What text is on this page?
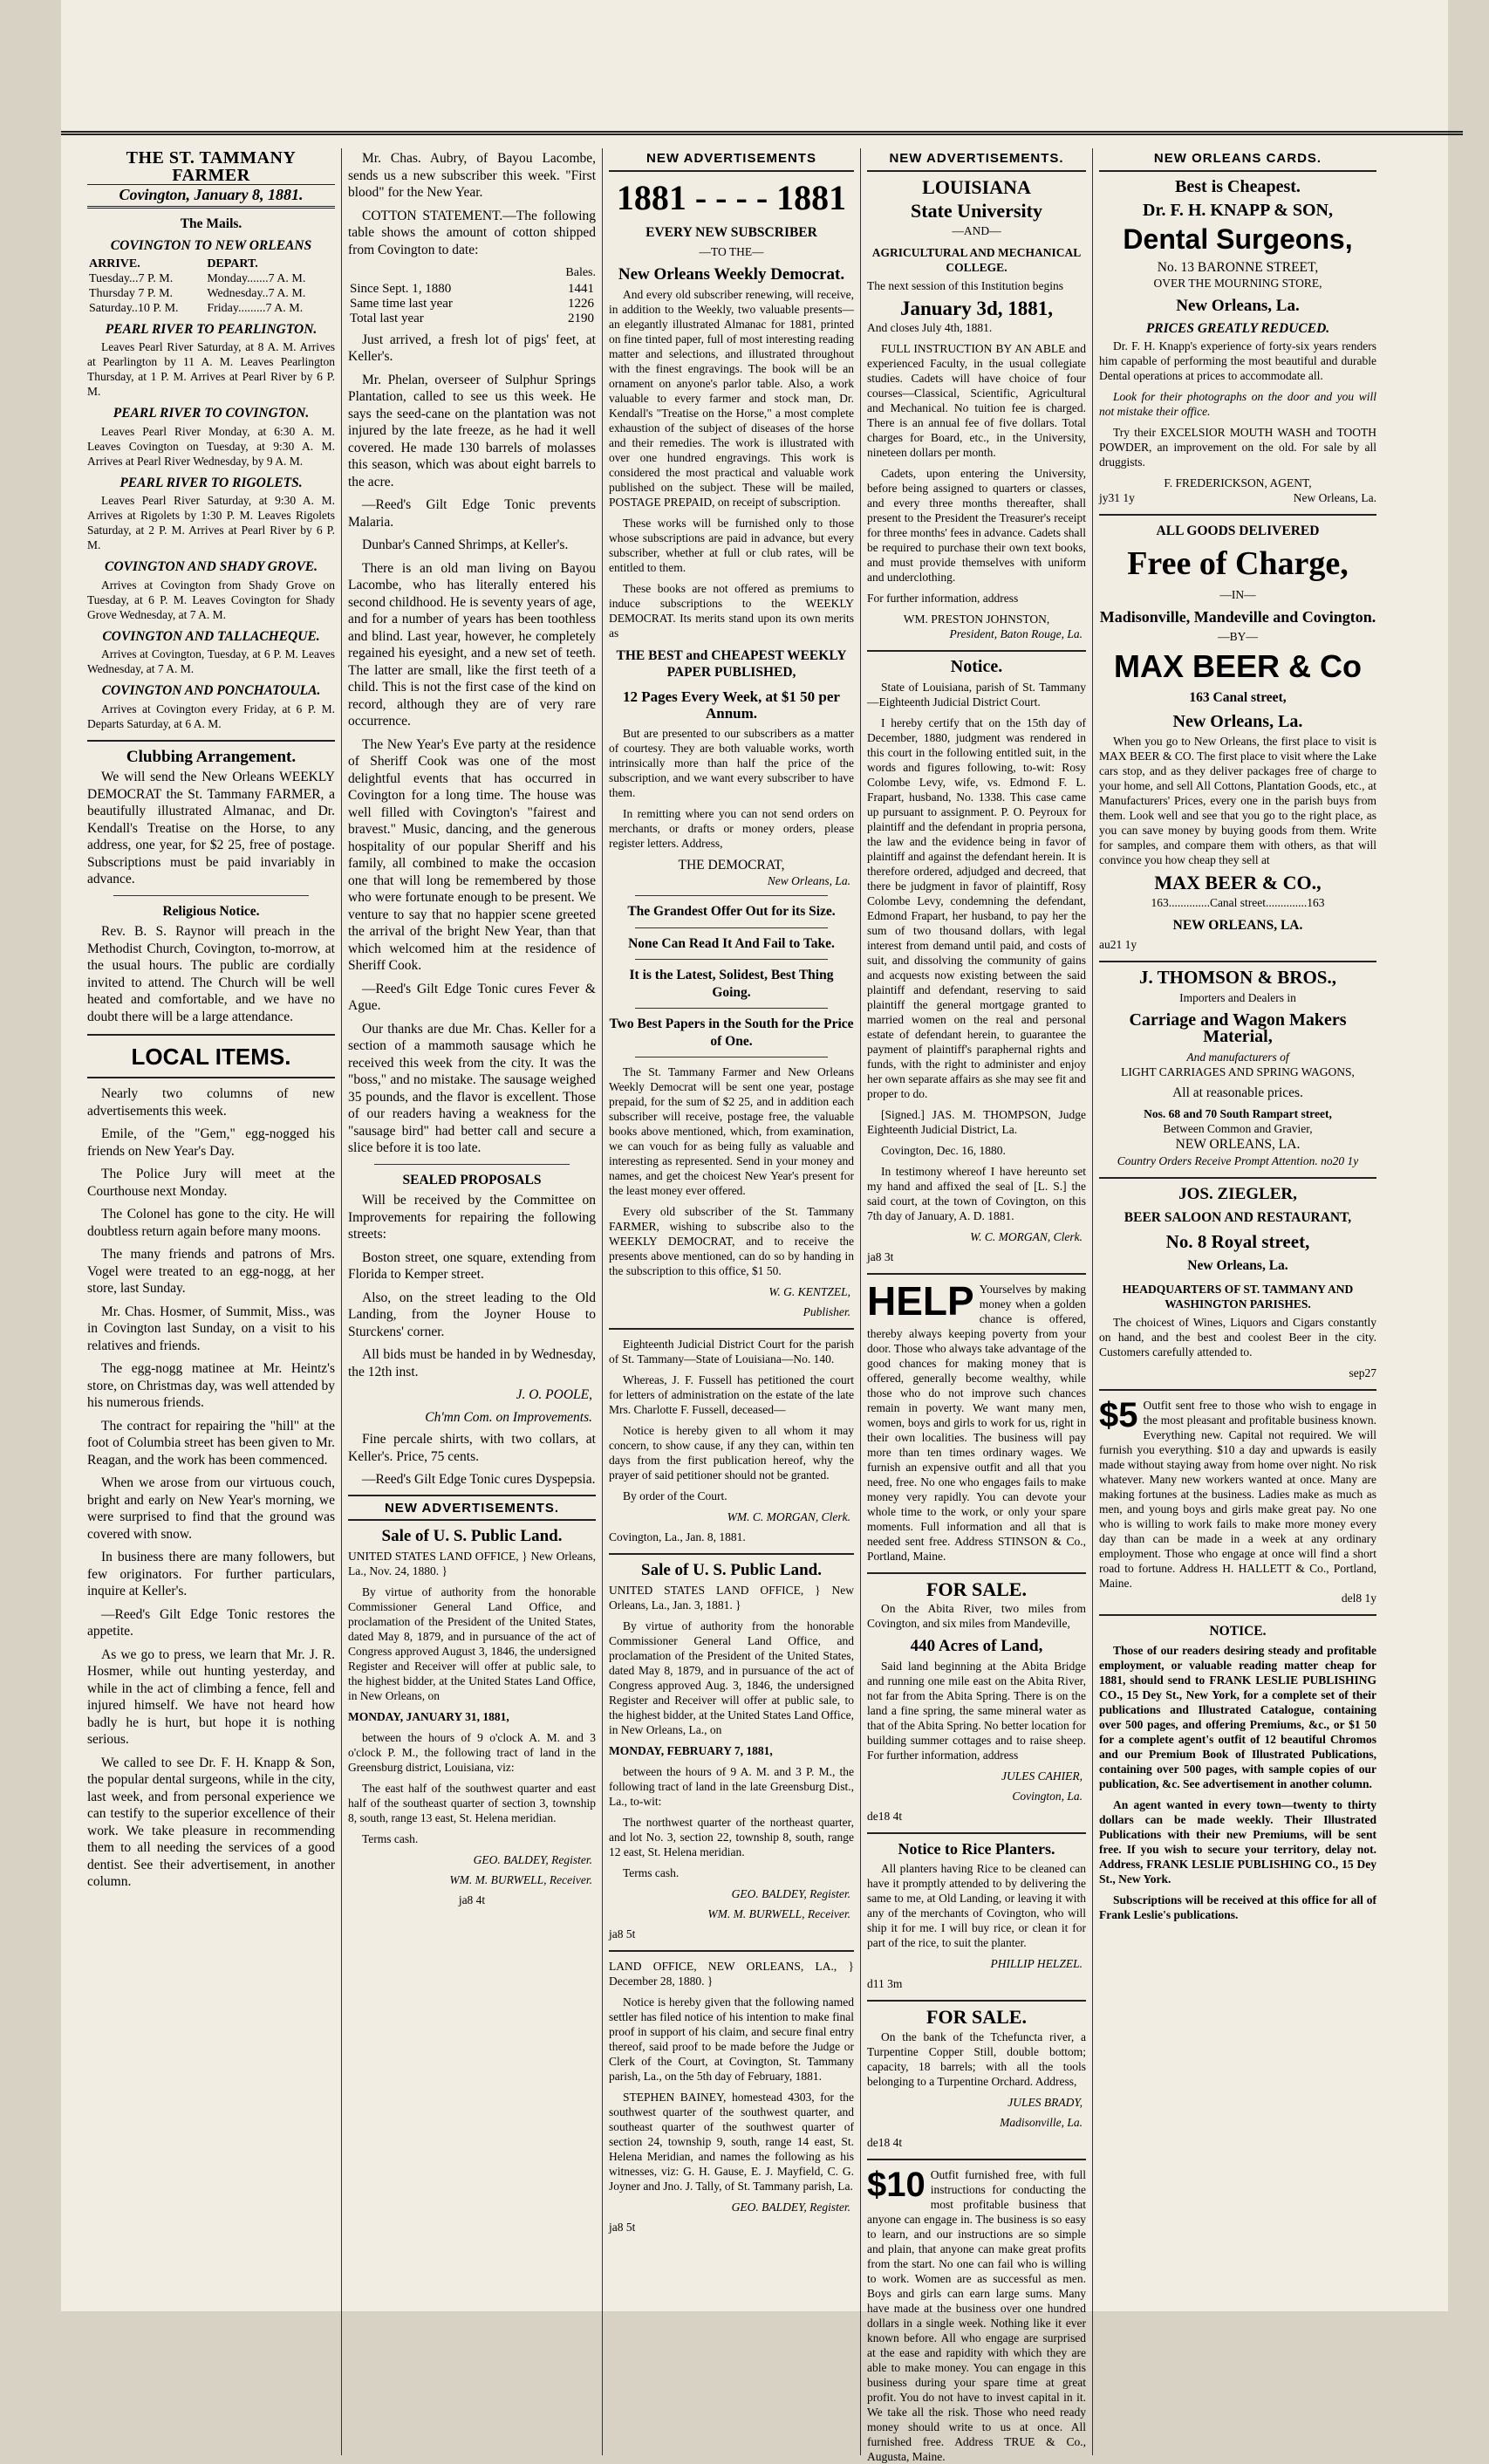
THE ST. TAMMANY FARMER
Covington, January 8, 1881.
The Mails.
COVINGTON TO NEW ORLEANS
ARRIVE.	DEPART.
Tuesday...7 P. M.	Monday.......7 A. M.
Thursday 7 P. M.	Wednesday..7 A. M.
Saturday..10 P. M.	Friday.........7 A. M.
PEARL RIVER TO PEARLINGTON.

Leaves Pearl River Saturday, at 8 A. M. Arrives at Pearlington by 11 A. M. Leaves Pearlington Thursday, at 1 P. M. Arrives at Pearl River by 6 P. M.

PEARL RIVER TO COVINGTON.

Leaves Pearl River Monday, at 6:30 A. M. Leaves Covington on Tuesday, at 9:30 A. M. Arrives at Pearl River Wednesday, by 9 A. M.

PEARL RIVER TO RIGOLETS.

Leaves Pearl River Saturday, at 9:30 A. M. Arrives at Rigolets by 1:30 P. M. Leaves Rigolets Saturday, at 2 P. M. Arrives at Pearl River by 6 P. M.

COVINGTON AND SHADY GROVE.

Arrives at Covington from Shady Grove on Tuesday, at 6 P. M. Leaves Covington for Shady Grove Wednesday, at 7 A. M.

COVINGTON AND TALLACHEQUE.

Arrives at Covington, Tuesday, at 6 P. M. Leaves Wednesday, at 7 A. M.

COVINGTON AND PONCHATOULA.

Arrives at Covington every Friday, at 6 P. M. Departs Saturday, at 6 A. M.

Clubbing Arrangement.

We will send the New Orleans WEEKLY DEMOCRAT the St. Tammany FARMER, a beautifully illustrated Almanac, and Dr. Kendall's Treatise on the Horse, to any address, one year, for $2 25, free of postage. Subscriptions must be paid invariably in advance.

Religious Notice.

Rev. B. S. Raynor will preach in the Methodist Church, Covington, to-morrow, at the usual hours. The public are cordially invited to attend. The Church will be well heated and comfortable, and we have no doubt there will be a large attendance.

LOCAL ITEMS.

Nearly two columns of new advertisements this week.

Emile, of the "Gem," egg-nogged his friends on New Year's Day.

The Police Jury will meet at the Courthouse next Monday.

The Colonel has gone to the city. He will doubtless return again before many moons.

The many friends and patrons of Mrs. Vogel were treated to an egg-nogg, at her store, last Sunday.

Mr. Chas. Hosmer, of Summit, Miss., was in Covington last Sunday, on a visit to his relatives and friends.

The egg-nogg matinee at Mr. Heintz's store, on Christmas day, was well attended by his numerous friends.

The contract for repairing the "hill" at the foot of Columbia street has been given to Mr. Reagan, and the work has been commenced.

When we arose from our virtuous couch, bright and early on New Year's morning, we were surprised to find that the ground was covered with snow.

In business there are many followers, but few originators. For further particulars, inquire at Keller's.

—Reed's Gilt Edge Tonic restores the appetite.

As we go to press, we learn that Mr. J. R. Hosmer, while out hunting yesterday, and while in the act of climbing a fence, fell and injured himself. We have not heard how badly he is hurt, but hope it is nothing serious.

We called to see Dr. F. H. Knapp & Son, the popular dental surgeons, while in the city, last week, and from personal experience we can testify to the superior excellence of their work. We take pleasure in recommending them to all needing the services of a good dentist. See their advertisement, in another column.

Mr. Chas. Aubry, of Bayou Lacombe, sends us a new subscriber this week. "First blood" for the New Year.

COTTON STATEMENT.—The following table shows the amount of cotton shipped from Covington to date:

Bales.
Since Sept. 1, 1880	1441
Same time last year	1226
Total last year	2190

Just arrived, a fresh lot of pigs' feet, at Keller's.

Mr. Phelan, overseer of Sulphur Springs Plantation, called to see us this week. He says the seed-cane on the plantation was not injured by the late freeze, as he had it well covered. He made 130 barrels of molasses this season, which was about eight barrels to the acre.

—Reed's Gilt Edge Tonic prevents Malaria.

Dunbar's Canned Shrimps, at Keller's.

There is an old man living on Bayou Lacombe, who has literally entered his second childhood. He is seventy years of age, and for a number of years has been toothless and blind. Last year, however, he completely regained his eyesight, and a new set of teeth. The latter are small, like the first teeth of a child. This is not the first case of the kind on record, although they are of very rare occurrence.

The New Year's Eve party at the residence of Sheriff Cook was one of the most delightful events that has occurred in Covington for a long time. The house was well filled with Covington's "fairest and bravest." Music, dancing, and the generous hospitality of our popular Sheriff and his family, all combined to make the occasion one that will long be remembered by those who were fortunate enough to be present. We venture to say that no happier scene greeted the arrival of the bright New Year, than that which welcomed him at the residence of Sheriff Cook.

—Reed's Gilt Edge Tonic cures Fever & Ague.

Our thanks are due Mr. Chas. Keller for a section of a mammoth sausage which he received this week from the city. It was the "boss," and no mistake. The sausage weighed 35 pounds, and the flavor is excellent. Those of our readers having a weakness for the "sausage bird" had better call and secure a slice before it is too late.

SEALED PROPOSALS

Will be received by the Committee on Improvements for repairing the following streets:

Boston street, one square, extending from Florida to Kemper street.

Also, on the street leading to the Old Landing, from the Joyner House to Sturckens' corner.

All bids must be handed in by Wednesday, the 12th inst.

J. O. POOLE,
Ch'mn Com. on Improvements.

Fine percale shirts, with two collars, at Keller's. Price, 75 cents.

—Reed's Gilt Edge Tonic cures Dyspepsia.

NEW ADVERTISEMENTS.
Sale of U. S. Public Land.

UNITED STATES LAND OFFICE, } New Orleans, La., Nov. 24, 1880. }

By virtue of authority from the honorable Commissioner General Land Office, and proclamation of the President of the United States, dated May 8, 1879, and in pursuance of the act of Congress approved August 3, 1846, the undersigned Register and Receiver will offer at public sale, to the highest bidder, at the United States Land Office, in New Orleans, on

MONDAY, JANUARY 31, 1881,

between the hours of 9 o'clock A. M. and 3 o'clock P. M., the following tract of land in the Greensburg district, Louisiana, viz:

The east half of the southwest quarter and east half of the southeast quarter of section 3, township 8, south, range 13 east, St. Helena meridian.

Terms cash.

GEO. BALDEY, Register.
WM. M. BURWELL, Receiver.
ja8 4t
NEW ADVERTISEMENTS
1881 - - - - 1881
EVERY NEW SUBSCRIBER
—TO THE—
New Orleans Weekly Democrat.

And every old subscriber renewing, will receive, in addition to the Weekly, two valuable presents—an elegantly illustrated Almanac for 1881, printed on fine tinted paper, full of most interesting reading matter and selections, and illustrated throughout with the finest engravings. The book will be an ornament on anyone's parlor table. Also, a work valuable to every farmer and stock man, Dr. Kendall's "Treatise on the Horse," a most complete exhaustion of the subject of diseases of the horse and their remedies. The work is illustrated with over one hundred engravings. This work is considered the most practical and valuable work published on the subject. These will be mailed, POSTAGE PREPAID, on receipt of subscription.

These works will be furnished only to those whose subscriptions are paid in advance, but every subscriber, whether at full or club rates, will be entitled to them.

These books are not offered as premiums to induce subscriptions to the WEEKLY DEMOCRAT. Its merits stand upon its own merits as

THE BEST and CHEAPEST WEEKLY PAPER PUBLISHED,
12 Pages Every Week, at $1 50 per Annum.

But are presented to our subscribers as a matter of courtesy. They are both valuable works, worth intrinsically more than half the price of the subscription, and we want every subscriber to have them.

In remitting where you can not send orders on merchants, or drafts or money orders, please register letters. Address,

THE DEMOCRAT,
New Orleans, La.
The Grandest Offer Out for its Size.
None Can Read It And Fail to Take.
It is the Latest, Solidest, Best Thing Going.
Two Best Papers in the South for the Price of One.

The St. Tammany Farmer and New Orleans Weekly Democrat will be sent one year, postage prepaid, for the sum of $2 25, and in addition each subscriber will receive, postage free, the valuable books above mentioned, which, from examination, we can vouch for as being fully as valuable and interesting as represented. Send in your money and names, and get the choicest New Year's present for the least money ever offered.

Every old subscriber of the St. Tammany FARMER, wishing to subscribe also to the WEEKLY DEMOCRAT, and to receive the presents above mentioned, can do so by handing in the subscription to this office, $1 50.

W. G. KENTZEL,
Publisher.

Eighteenth Judicial District Court for the parish of St. Tammany—State of Louisiana—No. 140.

Whereas, J. F. Fussell has petitioned the court for letters of administration on the estate of the late Mrs. Charlotte F. Fussell, deceased—

Notice is hereby given to all whom it may concern, to show cause, if any they can, within ten days from the first publication hereof, why the prayer of said petitioner should not be granted.

By order of the Court.

WM. C. MORGAN, Clerk.
Covington, La., Jan. 8, 1881.
Sale of U. S. Public Land.

UNITED STATES LAND OFFICE, } New Orleans, La., Jan. 3, 1881. }

By virtue of authority from the honorable Commissioner General Land Office, and proclamation of the President of the United States, dated May 8, 1879, and in pursuance of the act of Congress approved Aug. 3, 1846, the undersigned Register and Receiver will offer at public sale, to the highest bidder, at the United States Land Office, in New Orleans, La., on

MONDAY, FEBRUARY 7, 1881,

between the hours of 9 A. M. and 3 P. M., the following tract of land in the late Greensburg Dist., La., to-wit:

The northwest quarter of the northeast quarter, and lot No. 3, section 22, township 8, south, range 12 east, St. Helena meridian.

Terms cash.

GEO. BALDEY, Register.
WM. M. BURWELL, Receiver.
ja8 5t

LAND OFFICE, NEW ORLEANS, LA., } December 28, 1880. }

Notice is hereby given that the following named settler has filed notice of his intention to make final proof in support of his claim, and secure final entry thereof, said proof to be made before the Judge or Clerk of the Court, at Covington, St. Tammany parish, La., on the 5th day of February, 1881.

STEPHEN BAINEY, homestead 4303, for the southwest quarter of the southwest quarter, and southeast quarter of the southwest quarter of section 24, township 9, south, range 14 east, St. Helena Meridian, and names the following as his witnesses, viz: G. H. Gause, E. J. Mayfield, C. G. Joyner and Jno. J. Tally, of St. Tammany parish, La.

GEO. BALDEY, Register.
ja8 5t
NEW ADVERTISEMENTS.
LOUISIANA
State University
—AND—
AGRICULTURAL AND MECHANICAL COLLEGE.

The next session of this Institution begins

January 3d, 1881,

And closes July 4th, 1881.

FULL INSTRUCTION BY AN ABLE and experienced Faculty, in the usual collegiate studies. Cadets will have choice of four courses—Classical, Scientific, Agricultural and Mechanical. No tuition fee is charged. There is an annual fee of five dollars. Total charges for Board, etc., in the University, nineteen dollars per month.

Cadets, upon entering the University, before being assigned to quarters or classes, and every three months thereafter, shall present to the President the Treasurer's receipt for three months' fees in advance. Cadets shall be required to purchase their own text books, and must provide themselves with uniform and underclothing.

For further information, address

WM. PRESTON JOHNSTON,
President, Baton Rouge, La.
Notice.

State of Louisiana, parish of St. Tammany—Eighteenth Judicial District Court.

I hereby certify that on the 15th day of December, 1880, judgment was rendered in this court in the following entitled suit, in the words and figures following, to-wit: Rosy Colombe Levy, wife, vs. Edmond F. L. Frapart, husband, No. 1338. This case came up pursuant to assignment. P. O. Peyroux for plaintiff and the defendant in propria persona, the law and the evidence being in favor of plaintiff and against the defendant herein. It is therefore ordered, adjudged and decreed, that there be judgment in favor of plaintiff, Rosy Colombe Levy, condemning the defendant, Edmond Frapart, her husband, to pay her the sum of two thousand dollars, with legal interest from demand until paid, and costs of suit, and dissolving the community of gains and acquests now existing between the said plaintiff and defendant, reserving to said plaintiff the general mortgage granted to married women on the real and personal estate of defendant herein, to guarantee the payment of plaintiff's paraphernal rights and funds, with the right to administer and enjoy her own separate affairs as she may see fit and proper to do.

[Signed.] JAS. M. THOMPSON, Judge Eighteenth Judicial District, La.

Covington, Dec. 16, 1880.

In testimony whereof I have hereunto set my hand and affixed the seal of [L. S.] the said court, at the town of Covington, on this 7th day of January, A. D. 1881.

W. C. MORGAN, Clerk.
ja8 3t
HELP Yourselves by making money when a golden chance is offered, thereby always keeping poverty from your door. Those who always take advantage of the good chances for making money that is offered, generally become wealthy, while those who do not improve such chances remain in poverty. We want many men, women, boys and girls to work for us, right in their own localities. The business will pay more than ten times ordinary wages. We furnish an expensive outfit and all that you need, free. No one who engages fails to make money very rapidly. You can devote your whole time to the work, or only your spare moments. Full information and all that is needed sent free. Address STINSON & Co., Portland, Maine.
FOR SALE.

On the Abita River, two miles from Covington, and six miles from Mandeville,

440 Acres of Land,

Said land beginning at the Abita Bridge and running one mile east on the Abita River, not far from the Abita Spring. There is on the land a fine spring, the same mineral water as that of the Abita Spring. No better location for building summer cottages and to raise sheep. For further information, address

JULES CAHIER,
Covington, La.
de18 4t
Notice to Rice Planters.

All planters having Rice to be cleaned can have it promptly attended to by delivering the same to me, at Old Landing, or leaving it with any of the merchants of Covington, who will ship it for me. I will buy rice, or clean it for part of the rice, to suit the planter.

PHILLIP HELZEL.
d11 3m
FOR SALE.

On the bank of the Tchefuncta river, a Turpentine Copper Still, double bottom; capacity, 18 barrels; with all the tools belonging to a Turpentine Orchard. Address,

JULES BRADY,
Madisonville, La.
de18 4t
$10 Outfit furnished free, with full instructions for conducting the most profitable business that anyone can engage in. The business is so easy to learn, and our instructions are so simple and plain, that anyone can make great profits from the start. No one can fail who is willing to work. Women are as successful as men. Boys and girls can earn large sums. Many have made at the business over one hundred dollars in a single week. Nothing like it ever known before. All who engage are surprised at the ease and rapidity with which they are able to make money. You can engage in this business during your spare time at great profit. You do not have to invest capital in it. We take all the risk. Those who need ready money should write to us at once. All furnished free. Address TRUE & Co., Augusta, Maine.
NEW ORLEANS CARDS.
Best is Cheapest.
Dr. F. H. KNAPP & SON,
Dental Surgeons,
No. 13 BARONNE STREET,
OVER THE MOURNING STORE,
New Orleans, La.
PRICES GREATLY REDUCED.

Dr. F. H. Knapp's experience of forty-six years renders him capable of performing the most beautiful and durable Dental operations at prices to accommodate all.

Look for their photographs on the door and you will not mistake their office.

Try their EXCELSIOR MOUTH WASH and TOOTH POWDER, an improvement on the old. For sale by all druggists.

F. FREDERICKSON, AGENT,
jy31 1y	New Orleans, La.
ALL GOODS DELIVERED
Free of Charge,
—IN—
Madisonville, Mandeville and Covington.
—BY—
MAX BEER & Co
163 Canal street,
New Orleans, La.

When you go to New Orleans, the first place to visit is MAX BEER & CO. The first place to visit where the Lake cars stop, and as they deliver packages free of charge to your home, and sell All Cottons, Plantation Goods, etc., at Manufacturers' Prices, every one in the parish buys from them. Look well and see that you go to the right place, as you can save money by buying goods from them. Write for samples, and compare them with others, as that will convince you how cheap they sell at

MAX BEER & CO.,
163..............Canal street..............163
NEW ORLEANS, LA.
au21 1y
J. THOMSON & BROS.,
Importers and Dealers in
Carriage and Wagon Makers Material,
And manufacturers of
LIGHT CARRIAGES AND SPRING WAGONS,
All at reasonable prices.
Nos. 68 and 70 South Rampart street,
Between Common and Gravier,
NEW ORLEANS, LA.
Country Orders Receive Prompt Attention. no20 1y
JOS. ZIEGLER,
BEER SALOON AND RESTAURANT,
No. 8 Royal street,
New Orleans, La.
HEADQUARTERS OF ST. TAMMANY AND WASHINGTON PARISHES.

The choicest of Wines, Liquors and Cigars constantly on hand, and the best and coolest Beer in the city. Customers carefully attended to.

sep27
$5 Outfit sent free to those who wish to engage in the most pleasant and profitable business known. Everything new. Capital not required. We will furnish you everything. $10 a day and upwards is easily made without staying away from home over night. No risk whatever. Many new workers wanted at once. Many are making fortunes at the business. Ladies make as much as men, and young boys and girls make great pay. No one who is willing to work fails to make more money every day than can be made in a week at any ordinary employment. Those who engage at once will find a short road to fortune. Address H. HALLETT & Co., Portland, Maine.
del8 1y
NOTICE.

Those of our readers desiring steady and profitable employment, or valuable reading matter cheap for 1881, should send to FRANK LESLIE PUBLISHING CO., 15 Dey St., New York, for a complete set of their publications and Illustrated Catalogue, containing over 500 pages, and offering Premiums, &c., or $1 50 for a complete agent's outfit of 12 beautiful Chromos and our Premium Book of Illustrated Publications, containing over 500 pages, with sample copies of our publication, &c. See advertisement in another column.

An agent wanted in every town—twenty to thirty dollars can be made weekly. Their Illustrated Publications with their new Premiums, will be sent free. If you wish to secure your territory, delay not. Address, FRANK LESLIE PUBLISHING CO., 15 Dey St., New York.

Subscriptions will be received at this office for all of Frank Leslie's publications.
